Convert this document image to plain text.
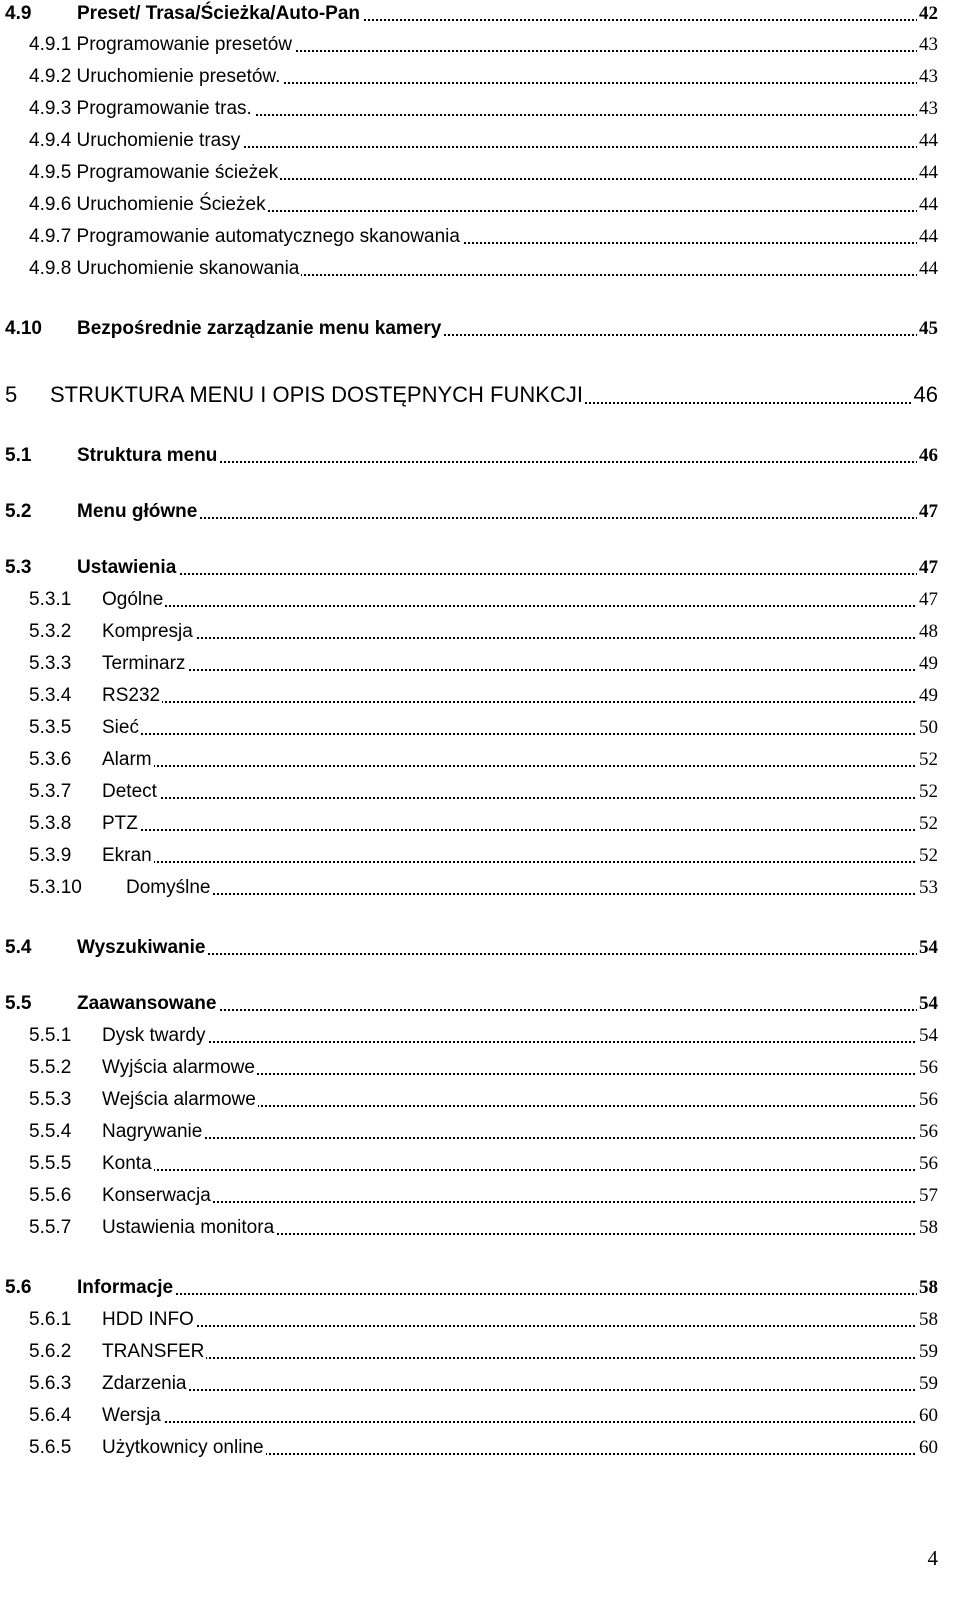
4.9 Preset/ Trasa/Ścieżka/Auto-Pan	42
4.9.1 Programowanie presetów	43
4.9.2 Uruchomienie presetów.	43
4.9.3 Programowanie tras.	43
4.9.4 Uruchomienie trasy	44
4.9.5 Programowanie ścieżek	44
4.9.6 Uruchomienie Ścieżek	44
4.9.7 Programowanie automatycznego skanowania	44
4.9.8 Uruchomienie skanowania	44
4.10 Bezpośrednie zarządzanie menu kamery	45
5 STRUKTURA MENU I OPIS DOSTĘPNYCH FUNKCJI	46
5.1 Struktura menu	46
5.2 Menu główne	47
5.3 Ustawienia	47
5.3.1 Ogólne	47
5.3.2 Kompresja	48
5.3.3 Terminarz	49
5.3.4 RS232	49
5.3.5 Sieć	50
5.3.6 Alarm	52
5.3.7 Detect	52
5.3.8 PTZ	52
5.3.9 Ekran	52
5.3.10 Domyślne	53
5.4 Wyszukiwanie	54
5.5 Zaawansowane	54
5.5.1 Dysk twardy	54
5.5.2 Wyjścia alarmowe	56
5.5.3 Wejścia alarmowe	56
5.5.4 Nagrywanie	56
5.5.5 Konta	56
5.5.6 Konserwacja	57
5.5.7 Ustawienia monitora	58
5.6 Informacje	58
5.6.1 HDD INFO	58
5.6.2 TRANSFER	59
5.6.3 Zdarzenia	59
5.6.4 Wersja	60
5.6.5 Użytkownicy online	60
4
